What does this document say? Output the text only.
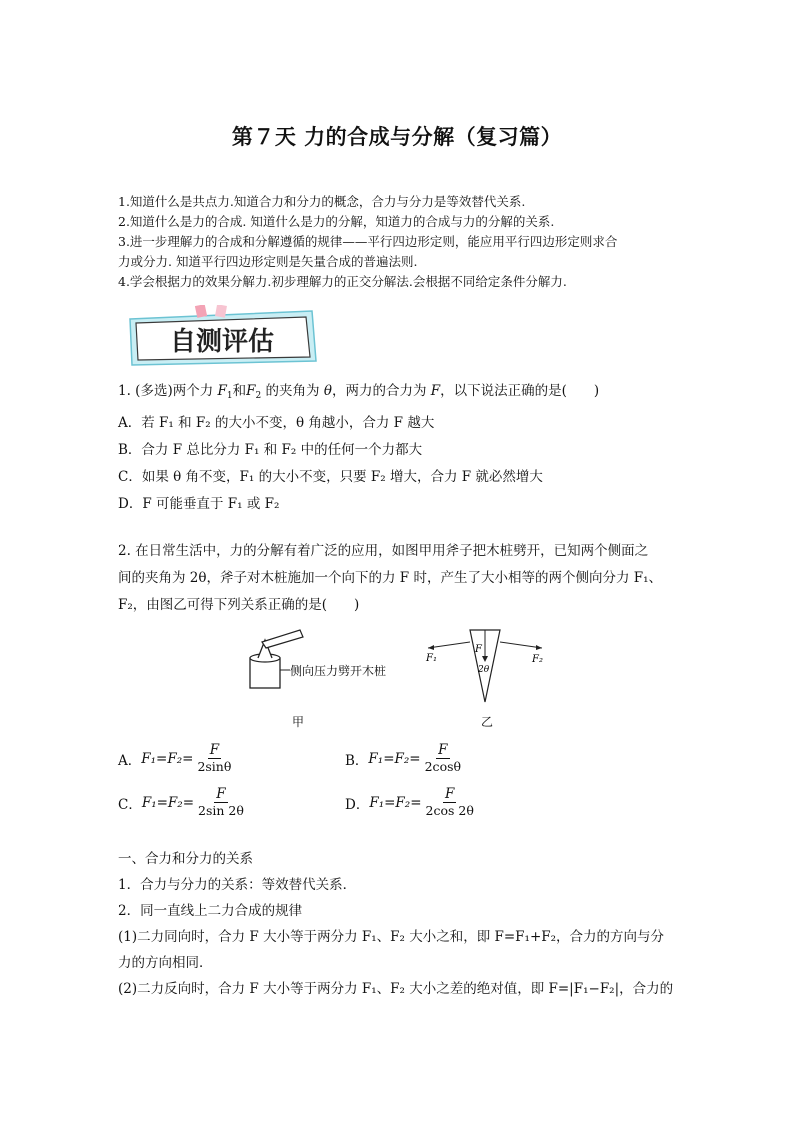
第７天 力的合成与分解（复习篇）

1.知道什么是共点力.知道合力和分力的概念，合力与分力是等效替代关系.

2.知道什么是力的合成. 知道什么是力的分解，知道力的合成与力的分解的关系.

3.进一步理解力的合成和分解遵循的规律——平行四边形定则，能应用平行四边形定则求合

力或分力. 知道平行四边形定则是矢量合成的普遍法则.

4.学会根据力的效果分解力.初步理解力的正交分解法.会根据不同给定条件分解力.

自测评估

1. (多选)两个力 $F_1$和$F_2$ 的夹角为 θ，两力的合力为 F，以下说法正确的是(　　)

A．若 F₁ 和 F₂ 的大小不变，θ 角越小，合力 F 越大

B．合力 F 总比分力 F₁ 和 F₂ 中的任何一个力都大

C．如果 θ 角不变，F₁ 的大小不变，只要 F₂ 增大，合力 F 就必然增大

D．F 可能垂直于 F₁ 或 F₂

2. 在日常生活中，力的分解有着广泛的应用，如图甲用斧子把木桩劈开，已知两个侧面之

间的夹角为 2θ，斧子对木桩施加一个向下的力 F 时，产生了大小相等的两个侧向分力 F₁、

F₂，由图乙可得下列关系正确的是(　　)

侧向压力劈开木桩
F
2θ
F₁	F₂
甲	乙
A． $F_1=F_2= \frac{F}{2\sin\theta}$	B． $F_1=F_2= \frac{F}{2\cos\theta}$
C． $F_1=F_2= \frac{F}{2\sin 2\theta}$	D． $F_1=F_2= \frac{F}{2\cos 2\theta}$

一、合力和分力的关系

1．合力与分力的关系：等效替代关系．

2．同一直线上二力合成的规律

(1)二力同向时，合力 F 大小等于两分力 F₁、F₂ 大小之和，即 F=F₁+F₂，合力的方向与分

力的方向相同．

(2)二力反向时，合力 F 大小等于两分力 F₁、F₂ 大小之差的绝对值，即 F=|F₁−F₂|，合力的
